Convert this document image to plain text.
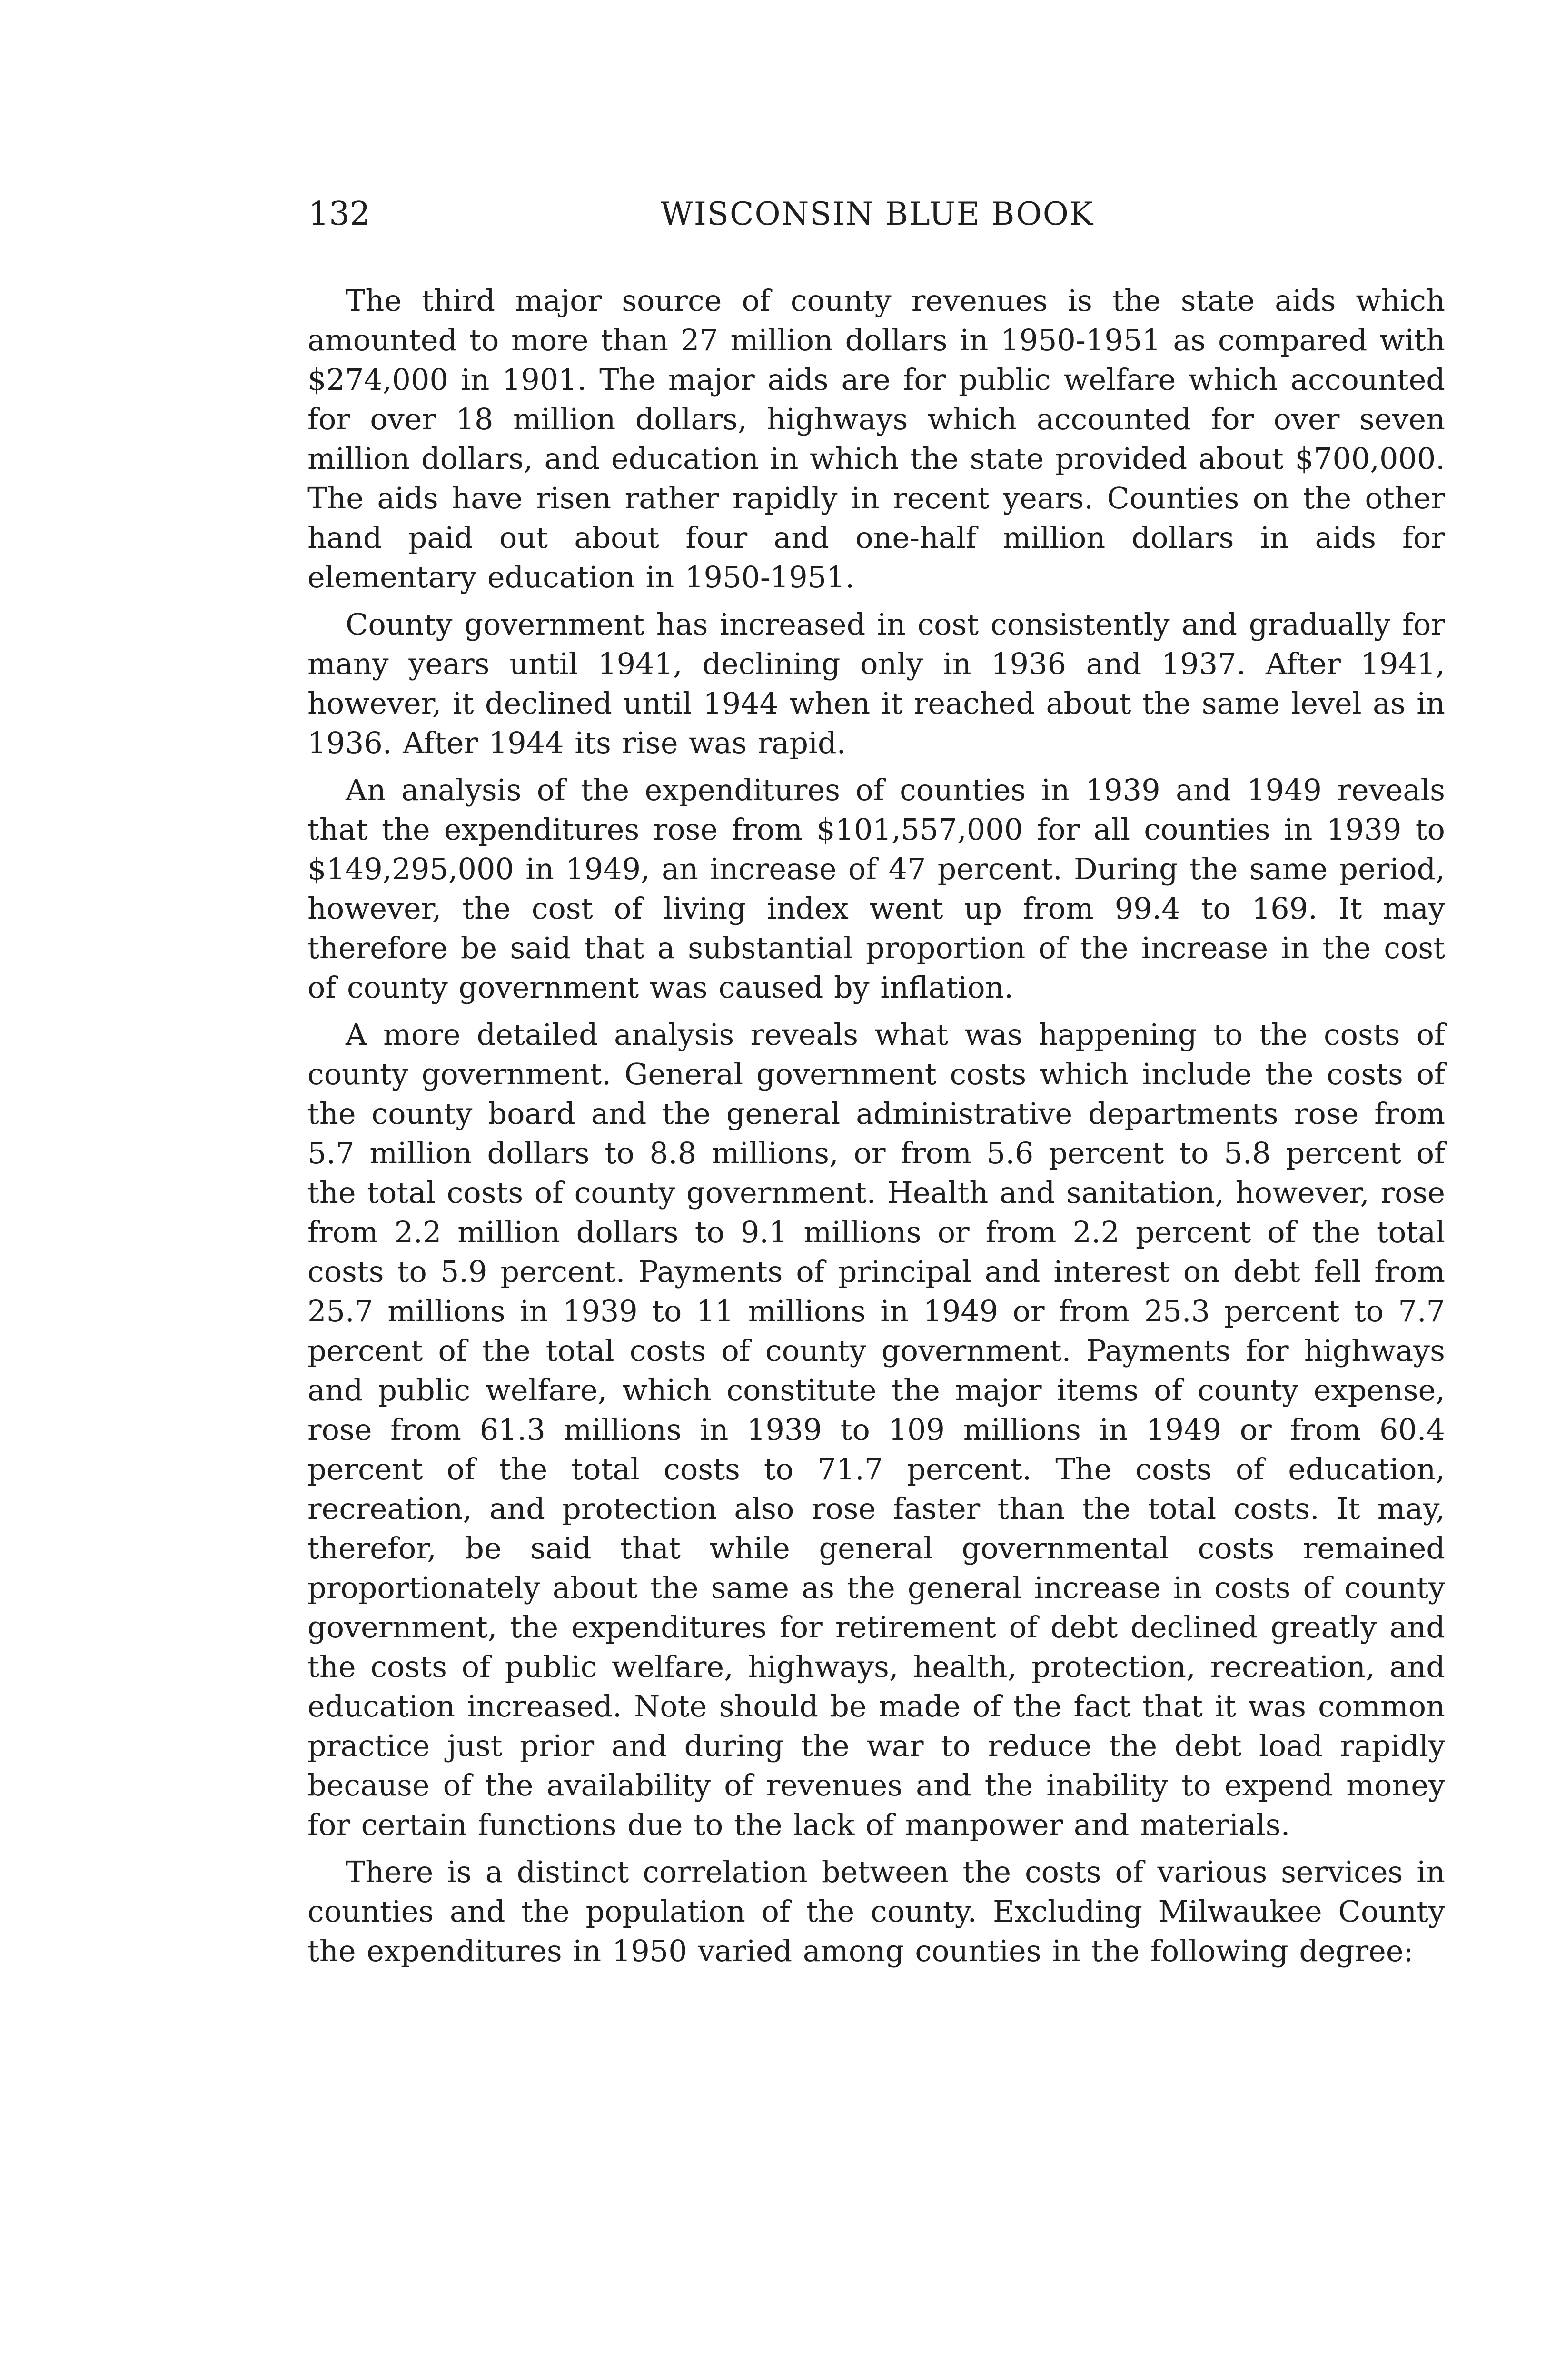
132	WISCONSIN BLUE BOOK

The third major source of county revenues is the state aids which amounted to more than 27 million dollars in 1950-1951 as compared with $274,000 in 1901. The major aids are for public welfare which accounted for over 18 million dollars, highways which accounted for over seven million dollars, and education in which the state provided about $700,000. The aids have risen rather rapidly in recent years. Counties on the other hand paid out about four and one-half million dollars in aids for elementary education in 1950-1951.

County government has increased in cost consistently and gradually for many years until 1941, declining only in 1936 and 1937. After 1941, however, it declined until 1944 when it reached about the same level as in 1936. After 1944 its rise was rapid.

An analysis of the expenditures of counties in 1939 and 1949 reveals that the expenditures rose from $101,557,000 for all counties in 1939 to $149,295,000 in 1949, an increase of 47 percent. During the same period, however, the cost of living index went up from 99.4 to 169. It may therefore be said that a substantial proportion of the increase in the cost of county government was caused by inflation.

A more detailed analysis reveals what was happening to the costs of county government. General government costs which include the costs of the county board and the general administrative departments rose from 5.7 million dollars to 8.8 millions, or from 5.6 percent to 5.8 percent of the total costs of county government. Health and sanitation, however, rose from 2.2 million dollars to 9.1 millions or from 2.2 percent of the total costs to 5.9 percent. Payments of principal and interest on debt fell from 25.7 millions in 1939 to 11 millions in 1949 or from 25.3 percent to 7.7 percent of the total costs of county government. Payments for highways and public welfare, which constitute the major items of county expense, rose from 61.3 millions in 1939 to 109 millions in 1949 or from 60.4 percent of the total costs to 71.7 percent. The costs of education, recreation, and protection also rose faster than the total costs. It may, therefor, be said that while general governmental costs remained proportionately about the same as the general increase in costs of county government, the expenditures for retirement of debt declined greatly and the costs of public welfare, highways, health, protection, recreation, and education increased. Note should be made of the fact that it was common practice just prior and during the war to reduce the debt load rapidly because of the availability of revenues and the inability to expend money for certain functions due to the lack of manpower and materials.

There is a distinct correlation between the costs of various services in counties and the population of the county. Excluding Milwaukee County the expenditures in 1950 varied among counties in the following degree:
